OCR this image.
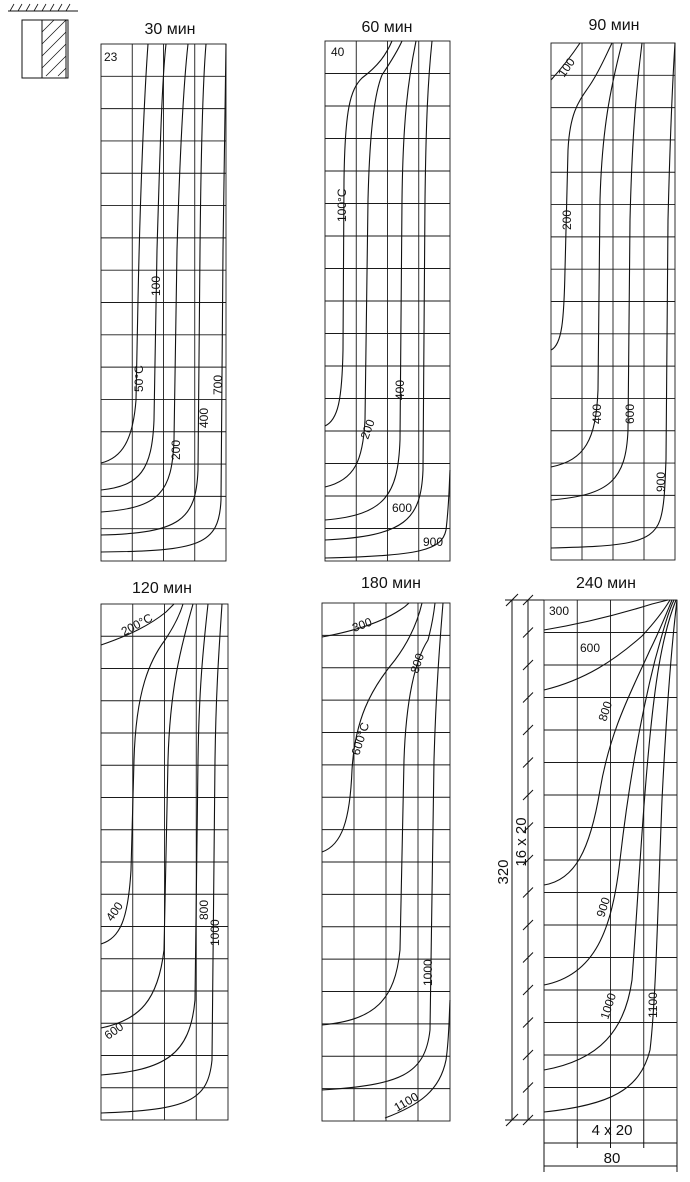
30 мин
23
50°C
100
200
400
700
60 мин
40
100°C
200
400
600
900
90 мин
100
200
400 600
900
120 мин
200°C
400
600
800
1000
180 мин
300
600°C
800
1000
1100
240 мин
300
600
800
900
1000 1100
320
16 x 20
4 x 20
80
